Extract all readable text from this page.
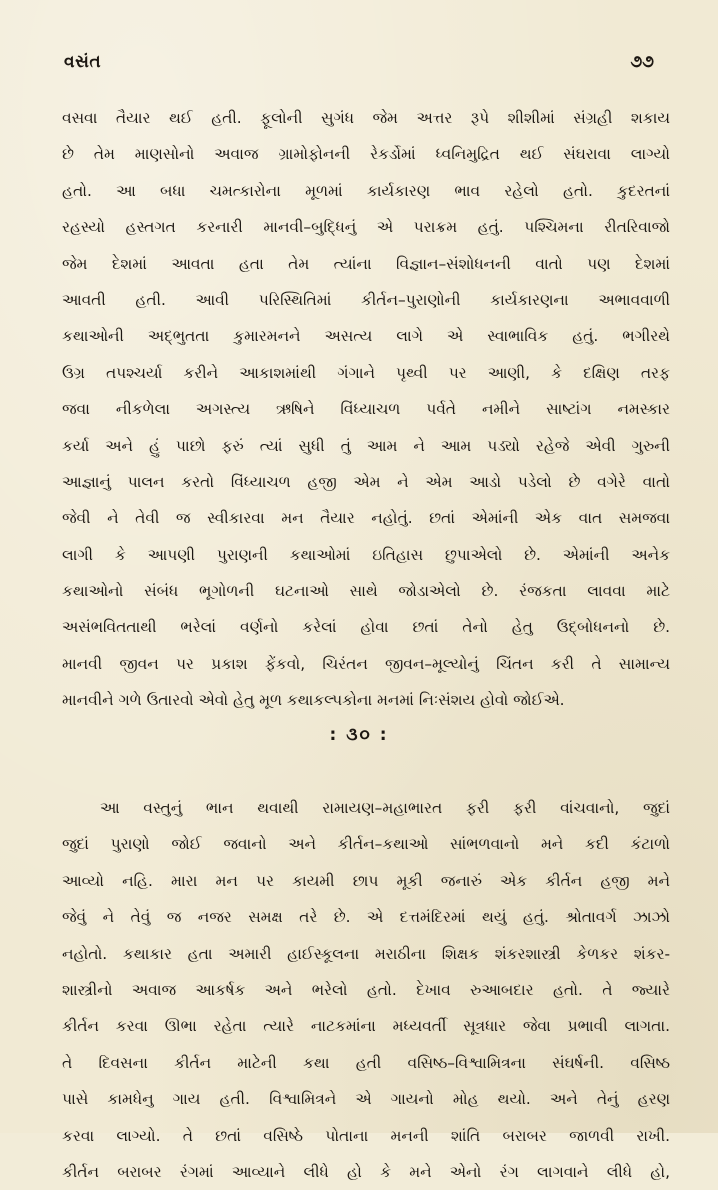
વસંત	૭૭
વસવા તૈયાર થઈ હતી. ફૂલોની સુગંધ જેમ અત્તર રૂપે શીશીમાં સંગ્રહી શકાય
છે તેમ માણસોનો અવાજ ગ્રામોફોનની રેકર્ડોમાં ધ્વનિમુદ્રિત થઈ સંઘરાવા લાગ્યો
હતો. આ બધા ચમત્કારોના મૂળમાં કાર્યકારણ ભાવ રહેલો હતો. કુદરતનાં
રહસ્યો હસ્તગત કરનારી માનવી–બુદ્ધિનું એ પરાક્રમ હતું. પશ્ચિમના રીતરિવાજો
જેમ દેશમાં આવતા હતા તેમ ત્યાંના વિજ્ઞાન–સંશોધનની વાતો પણ દેશમાં
આવતી હતી. આવી પરિસ્થિતિમાં કીર્તન–પુરાણોની કાર્યકારણના અભાવવાળી
કથાઓની અદ્ભુતતા કુમારમનને અસત્ય લાગે એ સ્વાભાવિક હતું. ભગીરથે
ઉગ્ર તપશ્ચર્યા કરીને આકાશમાંથી ગંગાને પૃથ્વી પર આણી, કે દક્ષિણ તરફ
જવા નીકળેલા અગસ્ત્ય ઋષિને વિંધ્યાચળ પર્વતે નમીને સાષ્ટાંગ નમસ્કાર
કર્યા અને હું પાછો ફરું ત્યાં સુધી તું આમ ને આમ પડ્યો રહેજે એવી ગુરુની
આજ્ઞાનું પાલન કરતો વિંધ્યાચળ હજી એમ ને એમ આડો પડેલો છે વગેરે વાતો
જેવી ને તેવી જ સ્વીકારવા મન તૈયાર નહોતું. છતાં એમાંની એક વાત સમજવા
લાગી કે આપણી પુરાણની કથાઓમાં ઇતિહાસ છુપાએલો છે. એમાંની અનેક
કથાઓનો સંબંધ ભૂગોળની ઘટનાઓ સાથે જોડાએલો છે. રંજકતા લાવવા માટે
અસંભવિતતાથી ભરેલાં વર્ણનો કરેલાં હોવા છતાં તેનો હેતુ ઉદ્બોધનનો છે.
માનવી જીવન પર પ્રકાશ ફેંકવો, ચિરંતન જીવન–મૂલ્યોનું ચિંતન કરી તે સામાન્ય
માનવીને ગળે ઉતારવો એવો હેતુ મૂળ કથાકલ્પકોના મનમાં નિઃસંશય હોવો જોઈએ.
: ૩૦ :
આ વસ્તુનું ભાન થવાથી રામાયણ–મહાભારત ફરી ફરી વાંચવાનો, જુદાં
જુદાં પુરાણો જોઈ જવાનો અને કીર્તન–કથાઓ સાંભળવાનો મને કદી કંટાળો
આવ્યો નહિ. મારા મન પર કાયમી છાપ મૂકી જનારું એક કીર્તન હજી મને
જેવું ને તેવું જ નજર સમક્ષ તરે છે. એ દત્તમંદિરમાં થયું હતું. શ્રોતાવર્ગ ઝાઝો
નહોતો. કથાકાર હતા અમારી હાઈસ્કૂલના મરાઠીના શિક્ષક શંકરશાસ્ત્રી કેળકર શંકર-
શાસ્ત્રીનો અવાજ આકર્ષક અને ભરેલો હતો. દેખાવ રુઆબદાર હતો. તે જ્યારે
કીર્તન કરવા ઊભા રહેતા ત્યારે નાટકમાંના મધ્યવર્તી સૂત્રધાર જેવા પ્રભાવી લાગતા.
તે દિવસના કીર્તન માટેની કથા હતી વસિષ્ઠ–વિશ્વામિત્રના સંઘર્ષની. વસિષ્ઠ
પાસે કામધેનુ ગાય હતી. વિશ્વામિત્રને એ ગાયનો મોહ થયો. અને તેનું હરણ
કરવા લાગ્યો. તે છતાં વસિષ્ઠે પોતાના મનની શાંતિ બરાબર જાળવી રાખી.
કીર્તન બરાબર રંગમાં આવ્યાને લીધે હો કે મને એનો રંગ લાગવાને લીધે હો,
